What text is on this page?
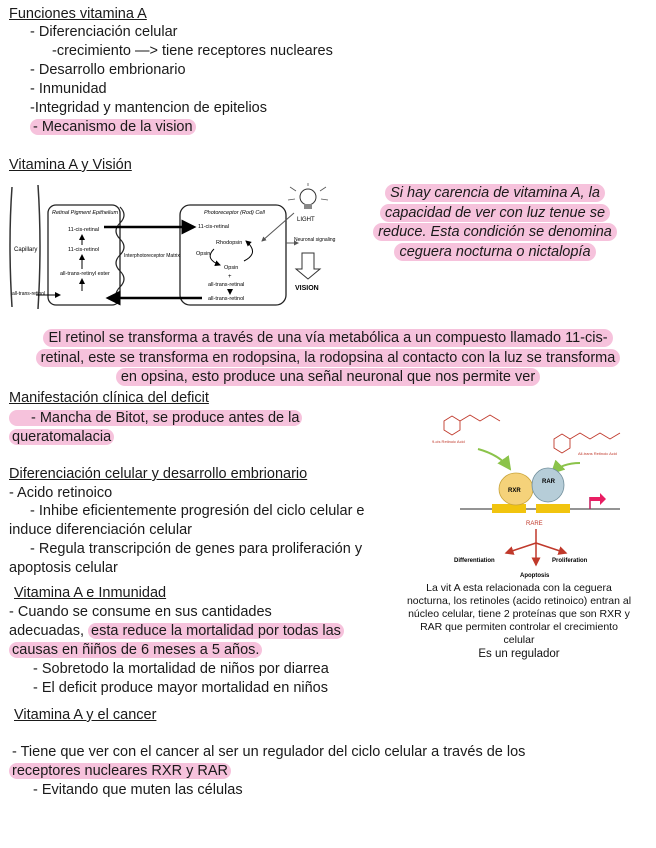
Funciones vitamina A
- Diferenciación celular
-crecimiento —> tiene receptores nucleares
- Desarrollo embrionario
- Inmunidad
-Integridad y mantencion de epitelios
- Mecanismo de la vision
Vitamina A y Visión
Capillary
Retinal Pigment Epithelium
11-cis-retinal
11-cis-retinol
all-trans-retinyl ester
all-trans-retinol
Interphotoreceptor Matrix
Photoreceptor (Rod) Cell
11-cis-retinal
Rhodopsin
Opsin
Opsin
+
all-trans-retinal
all-trans-retinol
LIGHT
Neuronal signaling
VISION
Si hay carencia de vitamina A, la
capacidad de ver con luz tenue se
reduce. Esta condición se denomina
ceguera nocturna o nictalopía
El retinol se transforma a través de una vía metabólica a un compuesto llamado 11-cis-
retinal, este se transforma en rodopsina, la rodopsina al contacto con la luz se transforma
en opsina, esto produce una señal neuronal que nos permite ver
Manifestación clínica del deficit
- Mancha de Bitot, se produce antes de la
queratomalacia
Diferenciación celular y desarrollo embrionario
- Acido retinoico
- Inhibe eficientemente progresión del ciclo celular e
induce diferenciación celular
- Regula transcripción de genes para proliferación y
apoptosis celular
9-cis Retinoic Acid
All-trans Retinoic Acid
RXR
RAR
RARE
Differentiation	Proliferation
Apoptosis
La vit A esta relacionada con la ceguera
nocturna, los retinoles (acido retinoico) entran al
núcleo celular, tiene 2 proteínas que son RXR y
RAR que permiten controlar el crecimiento
celular
Es un regulador
Vitamina A e Inmunidad
- Cuando se consume en sus cantidades
adecuadas, esta reduce la mortalidad por todas las
causas en ñiños de 6 meses a 5 años.
- Sobretodo la mortalidad de niños por diarrea
- El deficit produce mayor mortalidad en niños
Vitamina A y el cancer
- Tiene que ver con el cancer al ser un regulador del ciclo celular a través de los
receptores nucleares RXR y RAR
- Evitando que muten las células
